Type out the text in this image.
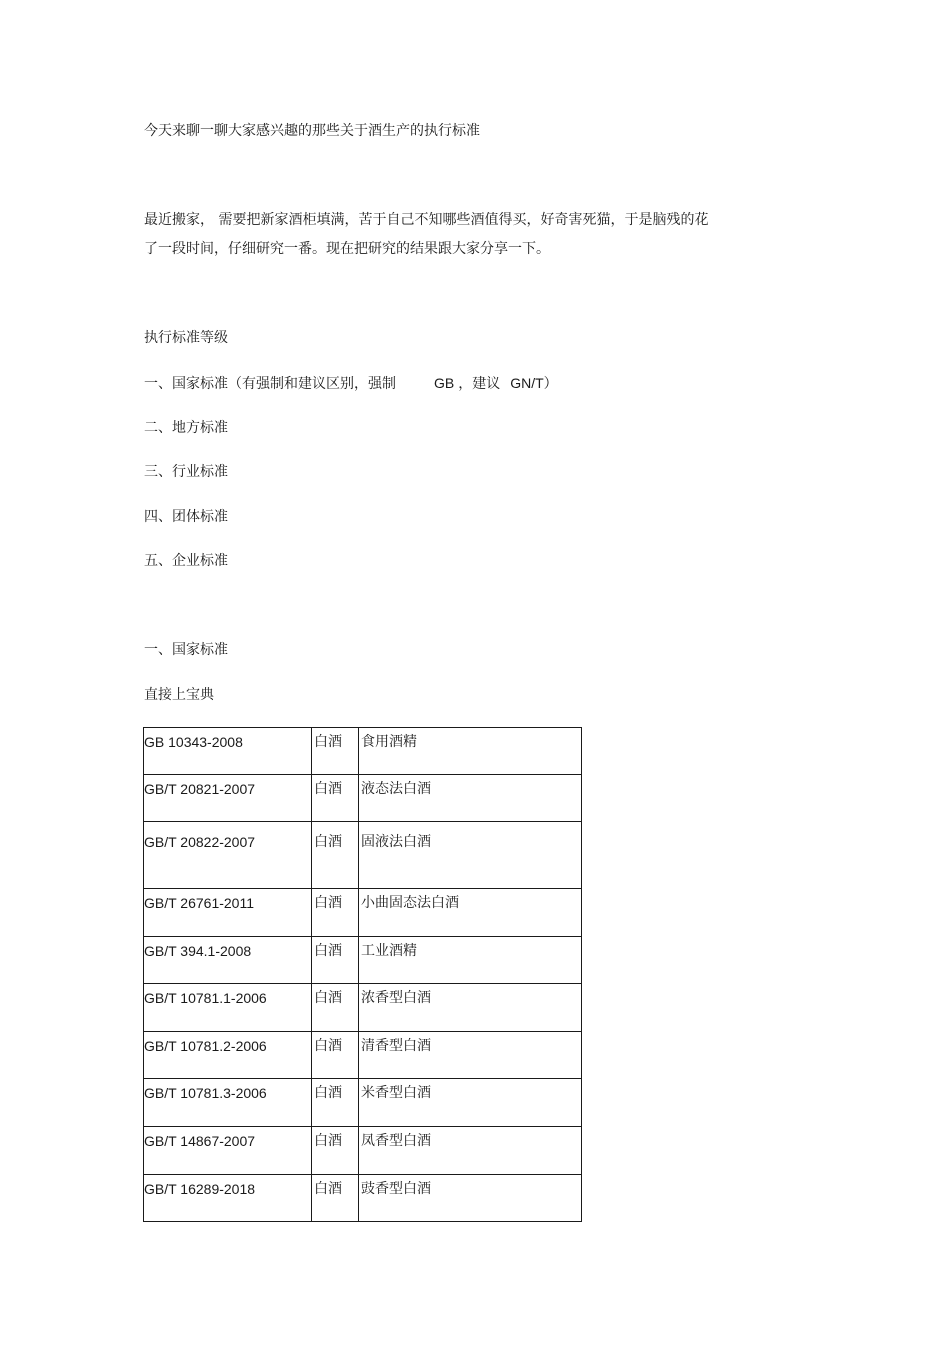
今天来聊一聊大家感兴趣的那些关于酒生产的执行标准
最近搬家， 需要把新家酒柜填满，苦于自己不知哪些酒值得买，好奇害死猫，于是脑残的花
了一段时间，仔细研究一番。现在把研究的结果跟大家分享一下。
执行标准等级
一、国家标准（有强制和建议区别，强制	GB ，建议 GN/T）
二、地方标准
三、行业标准
四、团体标准
五、企业标准
一、国家标准
直接上宝典
GB 10343-2008	白酒	食用酒精
GB/T 20821-2007	白酒	液态法白酒
GB/T 20822-2007	白酒	固液法白酒
GB/T 26761-2011	白酒	小曲固态法白酒
GB/T 394.1-2008	白酒	工业酒精
GB/T 10781.1-2006	白酒	浓香型白酒
GB/T 10781.2-2006	白酒	清香型白酒
GB/T 10781.3-2006	白酒	米香型白酒
GB/T 14867-2007	白酒	凤香型白酒
GB/T 16289-2018	白酒	豉香型白酒
